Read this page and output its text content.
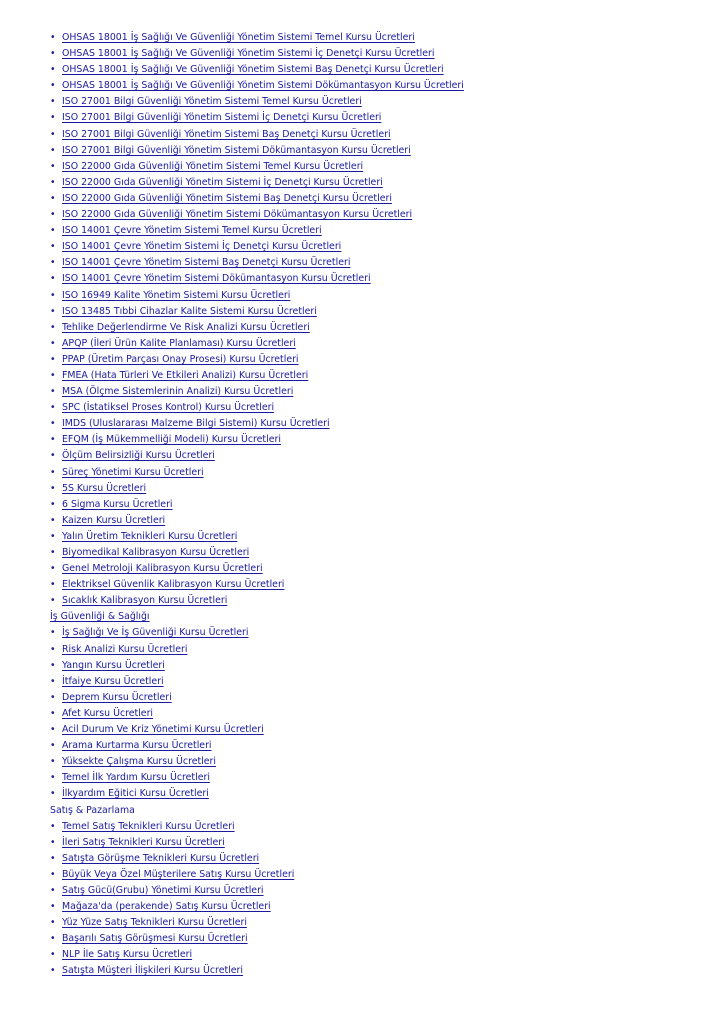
• OHSAS 18001 İş Sağlığı Ve Güvenliği Yönetim Sistemi Temel Kursu Ücretleri
• OHSAS 18001 İş Sağlığı Ve Güvenliği Yönetim Sistemi İç Denetçi Kursu Ücretleri
• OHSAS 18001 İş Sağlığı Ve Güvenliği Yönetim Sistemi Baş Denetçi Kursu Ücretleri
• OHSAS 18001 İş Sağlığı Ve Güvenliği Yönetim Sistemi Dökümantasyon Kursu Ücretleri
• ISO 27001 Bilgi Güvenliği Yönetim Sistemi Temel Kursu Ücretleri
• ISO 27001 Bilgi Güvenliği Yönetim Sistemi İç Denetçi Kursu Ücretleri
• ISO 27001 Bilgi Güvenliği Yönetim Sistemi Baş Denetçi Kursu Ücretleri
• ISO 27001 Bilgi Güvenliği Yönetim Sistemi Dökümantasyon Kursu Ücretleri
• ISO 22000 Gıda Güvenliği Yönetim Sistemi Temel Kursu Ücretleri
• ISO 22000 Gıda Güvenliği Yönetim Sistemi İç Denetçi Kursu Ücretleri
• ISO 22000 Gıda Güvenliği Yönetim Sistemi Baş Denetçi Kursu Ücretleri
• ISO 22000 Gıda Güvenliği Yönetim Sistemi Dökümantasyon Kursu Ücretleri
• ISO 14001 Çevre Yönetim Sistemi Temel Kursu Ücretleri
• ISO 14001 Çevre Yönetim Sistemi İç Denetçi Kursu Ücretleri
• ISO 14001 Çevre Yönetim Sistemi Baş Denetçi Kursu Ücretleri
• ISO 14001 Çevre Yönetim Sistemi Dökümantasyon Kursu Ücretleri
• ISO 16949 Kalite Yönetim Sistemi Kursu Ücretleri
• ISO 13485 Tıbbi Cihazlar Kalite Sistemi Kursu Ücretleri
• Tehlike Değerlendirme Ve Risk Analizi Kursu Ücretleri
• APQP (İleri Ürün Kalite Planlaması) Kursu Ücretleri
• PPAP (Üretim Parçası Onay Prosesi) Kursu Ücretleri
• FMEA (Hata Türleri Ve Etkileri Analizi) Kursu Ücretleri
• MSA (Ölçme Sistemlerinin Analizi) Kursu Ücretleri
• SPC (İstatiksel Proses Kontrol) Kursu Ücretleri
• IMDS (Uluslararası Malzeme Bilgi Sistemi) Kursu Ücretleri
• EFQM (İş Mükemmelliği Modeli) Kursu Ücretleri
• Ölçüm Belirsizliği Kursu Ücretleri
• Süreç Yönetimi Kursu Ücretleri
• 5S Kursu Ücretleri
• 6 Sigma Kursu Ücretleri
• Kaizen Kursu Ücretleri
• Yalın Üretim Teknikleri Kursu Ücretleri
• Biyomedikal Kalibrasyon Kursu Ücretleri
• Genel Metroloji Kalibrasyon Kursu Ücretleri
• Elektriksel Güvenlik Kalibrasyon Kursu Ücretleri
• Sıcaklık Kalibrasyon Kursu Ücretleri
İş Güvenliği & Sağlığı
• İş Sağlığı Ve İş Güvenliği Kursu Ücretleri
• Risk Analizi Kursu Ücretleri
• Yangın Kursu Ücretleri
• İtfaiye Kursu Ücretleri
• Deprem Kursu Ücretleri
• Afet Kursu Ücretleri
• Acil Durum Ve Kriz Yönetimi Kursu Ücretleri
• Arama Kurtarma Kursu Ücretleri
• Yüksekte Çalışma Kursu Ücretleri
• Temel İlk Yardım Kursu Ücretleri
• İlkyardım Eğitici Kursu Ücretleri
Satış & Pazarlama
• Temel Satış Teknikleri Kursu Ücretleri
• İleri Satış Teknikleri Kursu Ücretleri
• Satışta Görüşme Teknikleri Kursu Ücretleri
• Büyük Veya Özel Müşterilere Satış Kursu Ücretleri
• Satış Gücü(Grubu) Yönetimi Kursu Ücretleri
• Mağaza'da (perakende) Satış Kursu Ücretleri
• Yüz Yüze Satış Teknikleri Kursu Ücretleri
• Başarılı Satış Görüşmesi Kursu Ücretleri
• NLP İle Satış Kursu Ücretleri
• Satışta Müşteri İlişkileri Kursu Ücretleri
